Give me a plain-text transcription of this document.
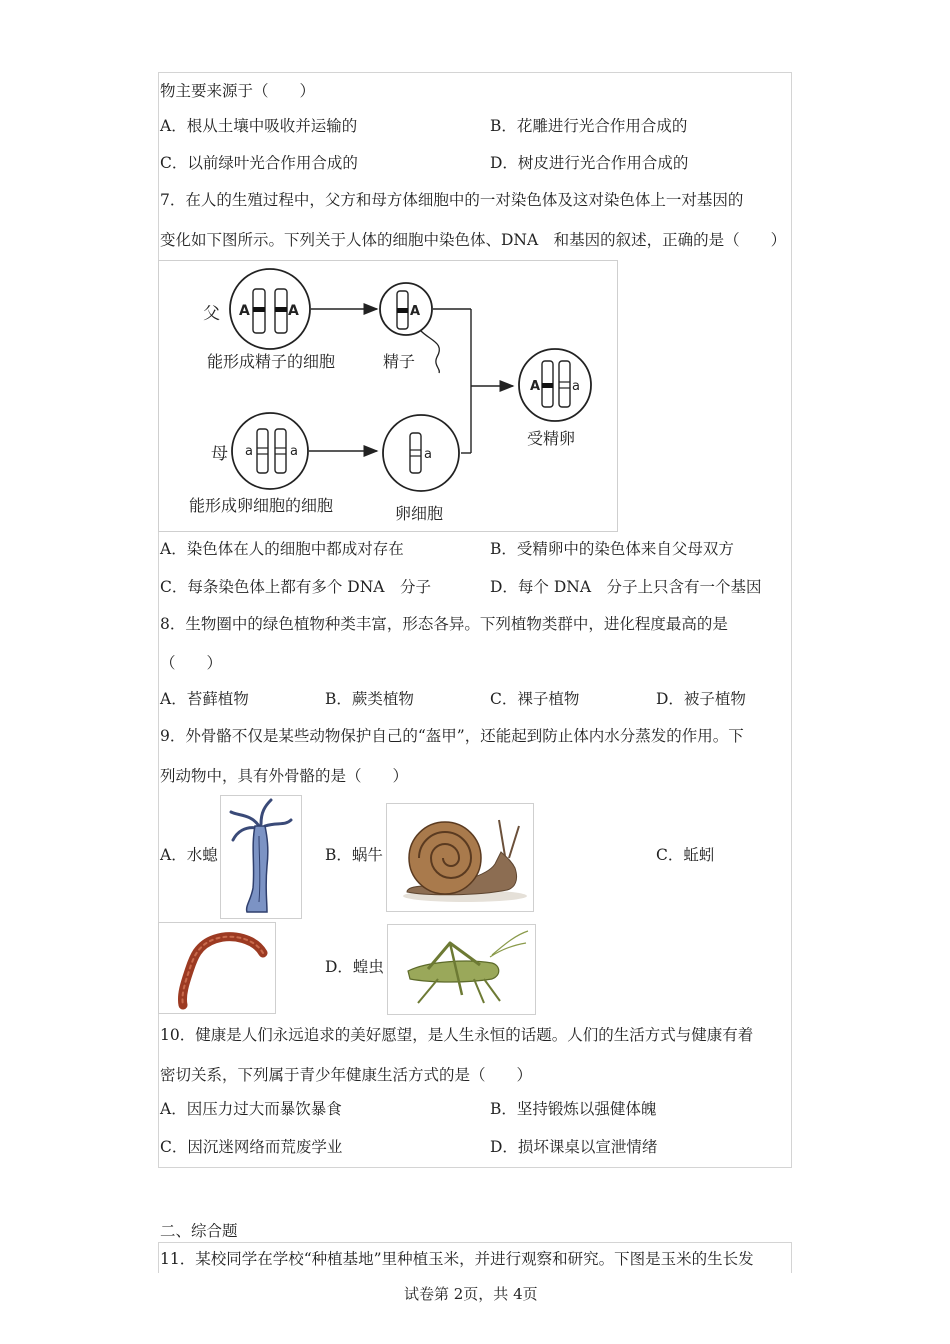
物主要来源于（　　）
A．根从土壤中吸收并运输的	B．花雕进行光合作用合成的
C．以前绿叶光合作用合成的	D．树皮进行光合作用合成的
7．在人的生殖过程中，父方和母方体细胞中的一对染色体及这对染色体上一对基因的
变化如下图所示。下列关于人体的细胞中染色体、DNA　和基因的叙述，正确的是（　　）
父 A	A
能形成精子的细胞
A
精子
A a
受精卵
母 a	a
能形成卵细胞的细胞
a
卵细胞
A．染色体在人的细胞中都成对存在	B．受精卵中的染色体来自父母双方
C．每条染色体上都有多个 DNA　分子	D．每个 DNA　分子上只含有一个基因
8．生物圈中的绿色植物种类丰富，形态各异。下列植物类群中，进化程度最高的是
（　　）
A．苔藓植物	B．蕨类植物	C．裸子植物	D．被子植物
9．外骨骼不仅是某些动物保护自己的“盔甲”，还能起到防止体内水分蒸发的作用。下
列动物中，具有外骨骼的是（　　）
A．水螅	B．蜗牛	C．蚯蚓
D．蝗虫
10．健康是人们永远追求的美好愿望，是人生永恒的话题。人们的生活方式与健康有着
密切关系，下列属于青少年健康生活方式的是（　　）
A．因压力过大而暴饮暴食	B．坚持锻炼以强健体魄
C．因沉迷网络而荒废学业	D．损坏课桌以宣泄情绪
二、综合题
11．某校同学在学校“种植基地”里种植玉米，并进行观察和研究。下图是玉米的生长发
试卷第 2页，共 4页
